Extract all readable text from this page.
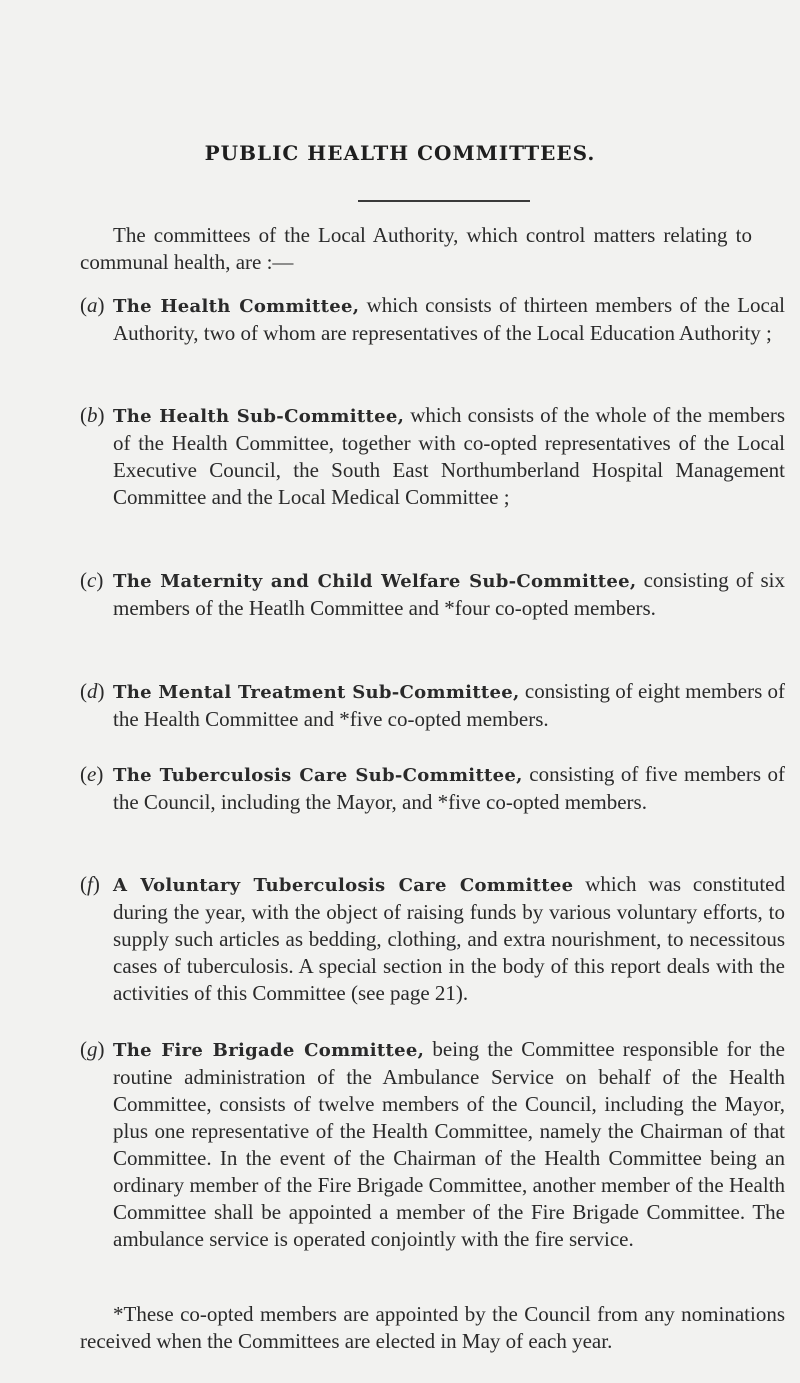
PUBLIC HEALTH COMMITTEES.
The committees of the Local Authority, which control matters relating to communal health, are :—
(a) The Health Committee, which consists of thirteen members of the Local Authority, two of whom are representatives of the Local Education Authority ;
(b) The Health Sub-Committee, which consists of the whole of the members of the Health Committee, together with co-opted representatives of the Local Executive Council, the South East Northumberland Hospital Management Committee and the Local Medical Committee ;
(c) The Maternity and Child Welfare Sub-Committee, consisting of six members of the Heatlh Committee and *four co-opted members.
(d) The Mental Treatment Sub-Committee, consisting of eight members of the Health Committee and *five co-opted members.
(e) The Tuberculosis Care Sub-Committee, consisting of five members of the Council, including the Mayor, and *five co-opted members.
(f) A Voluntary Tuberculosis Care Committee which was constituted during the year, with the object of raising funds by various voluntary efforts, to supply such articles as bedding, clothing, and extra nourishment, to necessitous cases of tuberculosis. A special section in the body of this report deals with the activities of this Committee (see page 21).
(g) The Fire Brigade Committee, being the Committee responsible for the routine administration of the Ambulance Service on behalf of the Health Committee, consists of twelve members of the Council, including the Mayor, plus one representative of the Health Committee, namely the Chairman of that Committee. In the event of the Chairman of the Health Committee being an ordinary member of the Fire Brigade Committee, another member of the Health Committee shall be appointed a member of the Fire Brigade Committee. The ambulance service is operated conjointly with the fire service.
*These co-opted members are appointed by the Council from any nominations received when the Committees are elected in May of each year.
